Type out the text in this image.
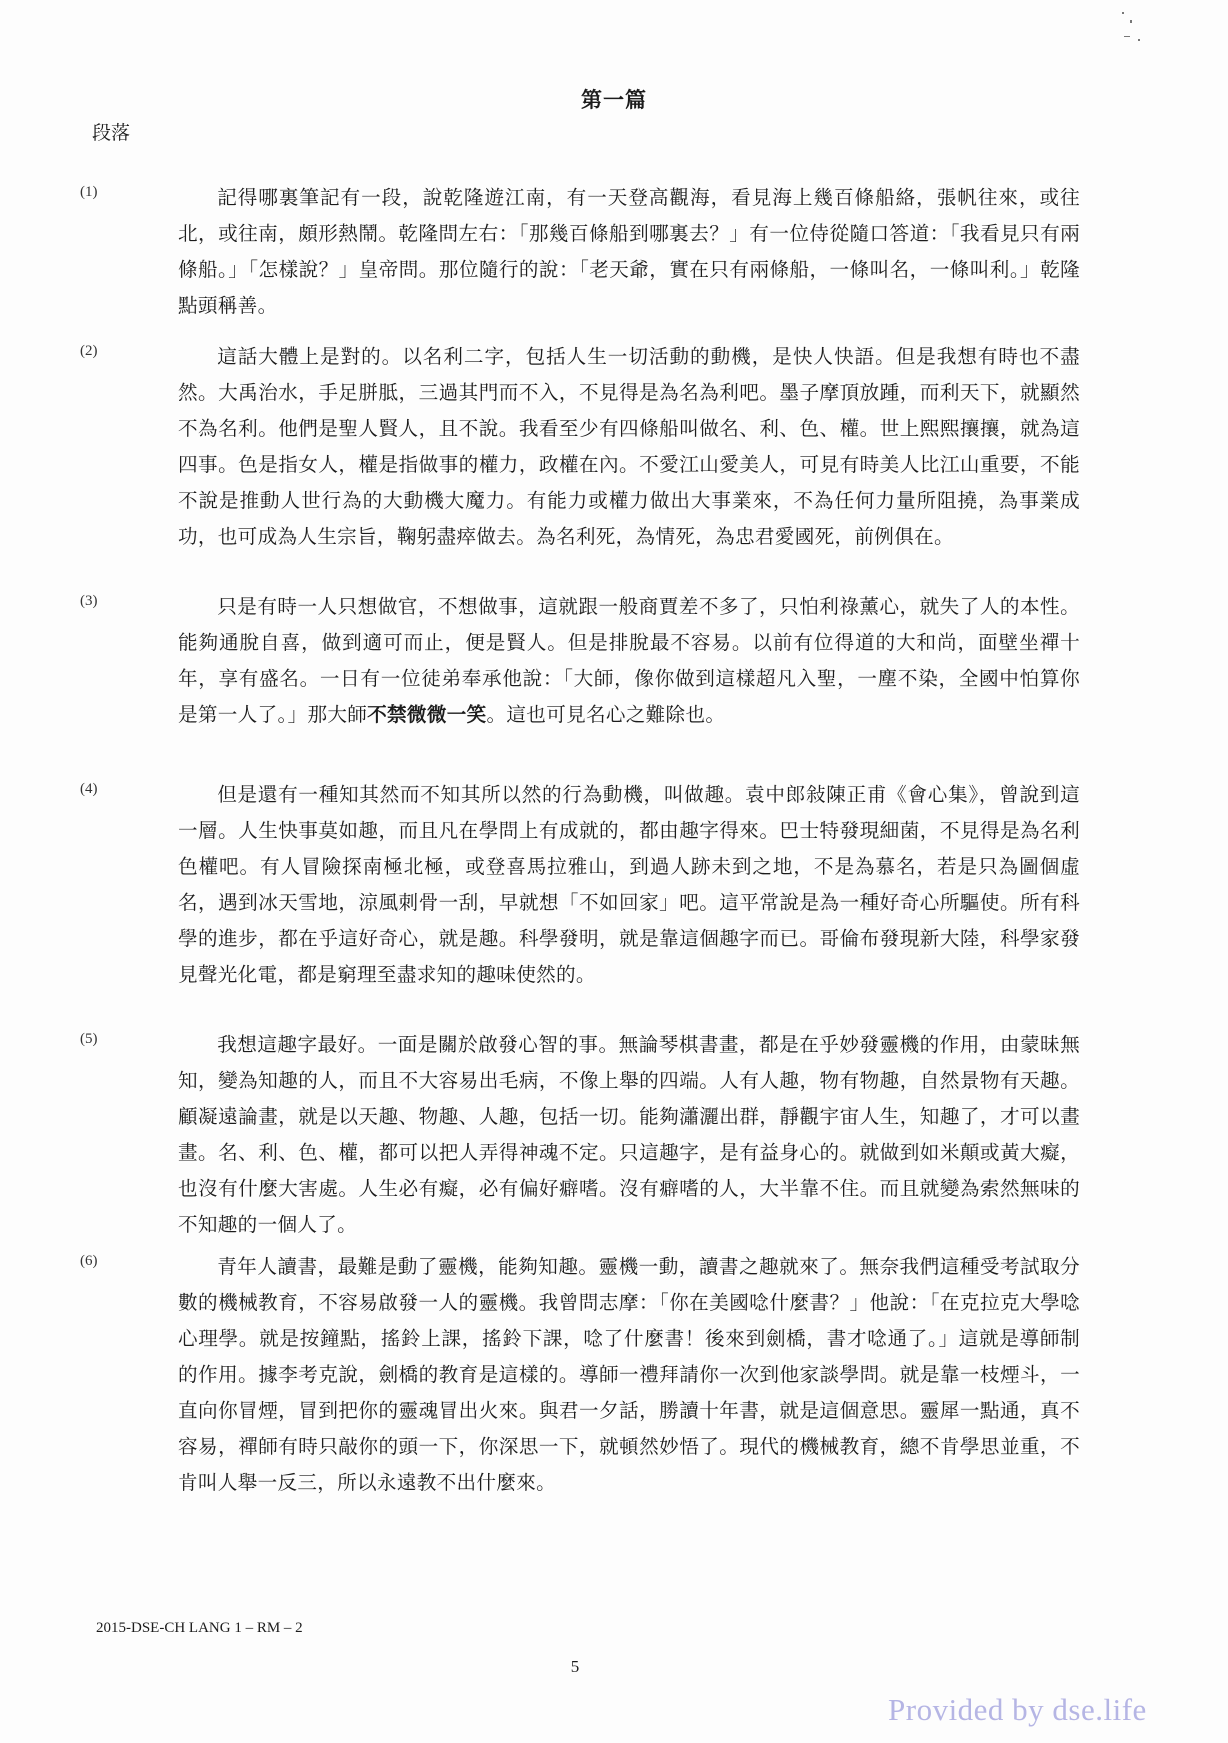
第一篇
段落
(1)	記得哪裏筆記有一段，說乾隆遊江南，有一天登高觀海，看見海上幾百條船絡，張帆往來，或往北，或往南，頗形熱鬧。乾隆問左右：「那幾百條船到哪裏去？」有一位侍從隨口答道：「我看見只有兩條船。」「怎樣說？」皇帝問。那位隨行的說：「老天爺，實在只有兩條船，一條叫名，一條叫利。」乾隆點頭稱善。
(2)	這話大體上是對的。以名利二字，包括人生一切活動的動機，是快人快語。但是我想有時也不盡然。大禹治水，手足胼胝，三過其門而不入，不見得是為名為利吧。墨子摩頂放踵，而利天下，就顯然不為名利。他們是聖人賢人，且不說。我看至少有四條船叫做名、利、色、權。世上熙熙攘攘，就為這四事。色是指女人，權是指做事的權力，政權在內。不愛江山愛美人，可見有時美人比江山重要，不能不說是推動人世行為的大動機大魔力。有能力或權力做出大事業來，不為任何力量所阻撓，為事業成功，也可成為人生宗旨，鞠躬盡瘁做去。為名利死，為情死，為忠君愛國死，前例俱在。
(3)	只是有時一人只想做官，不想做事，這就跟一般商賈差不多了，只怕利祿薰心，就失了人的本性。能夠通脫自喜，做到適可而止，便是賢人。但是排脫最不容易。以前有位得道的大和尚，面壁坐禪十年，享有盛名。一日有一位徒弟奉承他說：「大師，像你做到這樣超凡入聖，一塵不染，全國中怕算你是第一人了。」那大師不禁微微一笑。這也可見名心之難除也。
(4)	但是還有一種知其然而不知其所以然的行為動機，叫做趣。袁中郎敍陳正甫《會心集》，曾說到這一層。人生快事莫如趣，而且凡在學問上有成就的，都由趣字得來。巴士特發現細菌，不見得是為名利色權吧。有人冒險探南極北極，或登喜馬拉雅山，到過人跡未到之地，不是為慕名，若是只為圖個虛名，遇到冰天雪地，涼風刺骨一刮，早就想「不如回家」吧。這平常說是為一種好奇心所驅使。所有科學的進步，都在乎這好奇心，就是趣。科學發明，就是靠這個趣字而已。哥倫布發現新大陸，科學家發見聲光化電，都是窮理至盡求知的趣味使然的。
(5)	我想這趣字最好。一面是關於啟發心智的事。無論琴棋書畫，都是在乎妙發靈機的作用，由蒙昧無知，變為知趣的人，而且不大容易出毛病，不像上舉的四端。人有人趣，物有物趣，自然景物有天趣。顧凝遠論畫，就是以天趣、物趣、人趣，包括一切。能夠瀟灑出群，靜觀宇宙人生，知趣了，才可以畫畫。名、利、色、權，都可以把人弄得神魂不定。只這趣字，是有益身心的。就做到如米顛或黃大癡，也沒有什麼大害處。人生必有癡，必有偏好癖嗜。沒有癖嗜的人，大半靠不住。而且就變為索然無味的不知趣的一個人了。
(6)	青年人讀書，最難是動了靈機，能夠知趣。靈機一動，讀書之趣就來了。無奈我們這種受考試取分數的機械教育，不容易啟發一人的靈機。我曾問志摩：「你在美國唸什麼書？」他說：「在克拉克大學唸心理學。就是按鐘點，搖鈴上課，搖鈴下課，唸了什麼書！後來到劍橋，書才唸通了。」這就是導師制的作用。據李考克說，劍橋的教育是這樣的。導師一禮拜請你一次到他家談學問。就是靠一枝煙斗，一直向你冒煙，冒到把你的靈魂冒出火來。與君一夕話，勝讀十年書，就是這個意思。靈犀一點通，真不容易，禪師有時只敲你的頭一下，你深思一下，就頓然妙悟了。現代的機械教育，總不肯學思並重，不肯叫人舉一反三，所以永遠教不出什麼來。
2015-DSE-CH LANG 1 – RM – 2
5
Provided by dse.life
